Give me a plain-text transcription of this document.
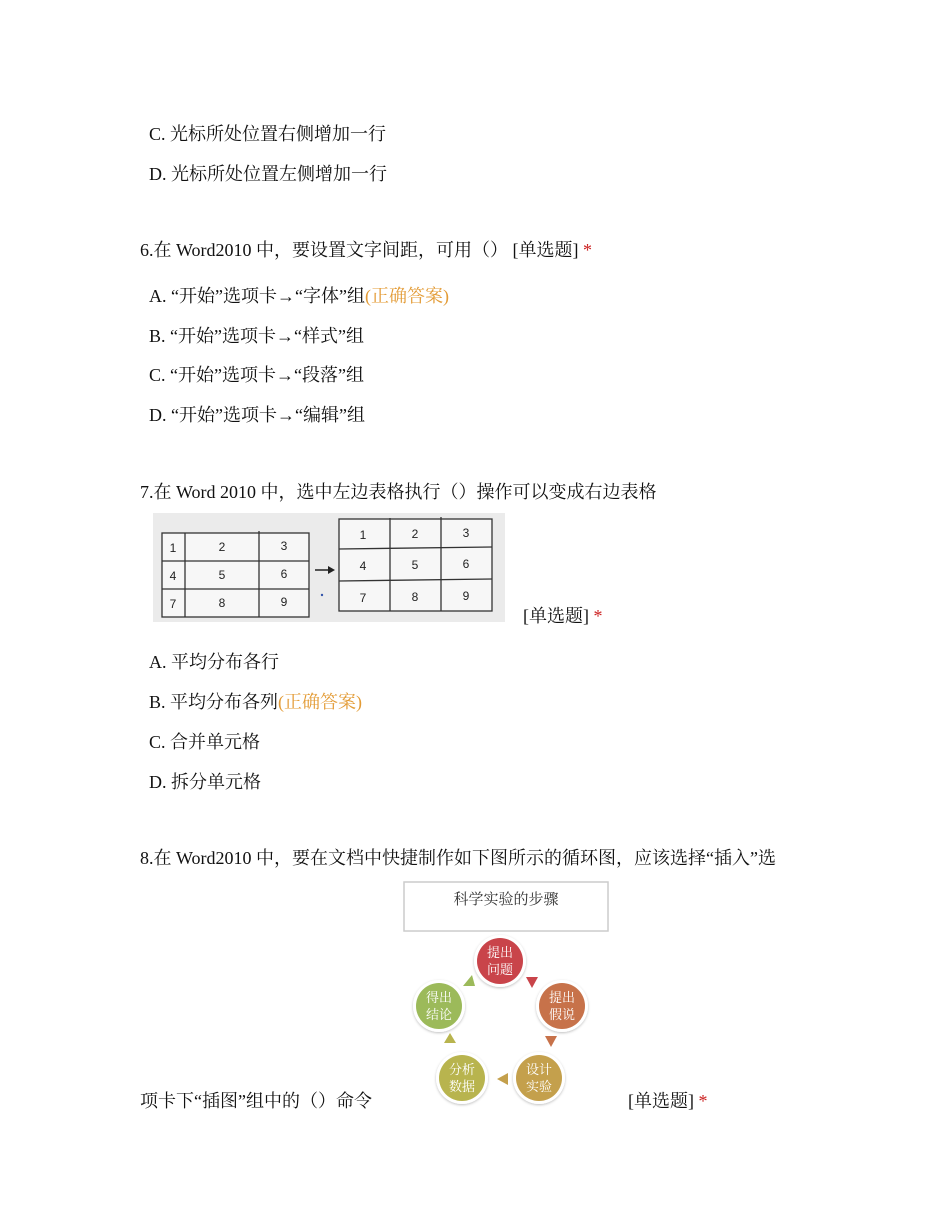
C. 光标所处位置右侧增加一行
D. 光标所处位置左侧增加一行
6.在 Word2010 中，要设置文字间距，可用（） [单选题] *
A. “开始”选项卡→“字体”组(正确答案)
B. “开始”选项卡→“样式”组
C. “开始”选项卡→“段落”组
D. “开始”选项卡→“编辑”组
7.在 Word 2010 中，选中左边表格执行（）操作可以变成右边表格
1	2	3
4	5	6
7	8	9
1	2	3
4	5	6
7	8	9
[单选题] *
A. 平均分布各行
B. 平均分布各列(正确答案)
C. 合并单元格
D. 拆分单元格
8.在 Word2010 中，要在文档中快捷制作如下图所示的循环图，应该选择“插入”选
科学实验的步骤
提出
问题
提出
假说
设计
实验
分析
数据
得出
结论
项卡下“插图”组中的（）命令	[单选题] *
